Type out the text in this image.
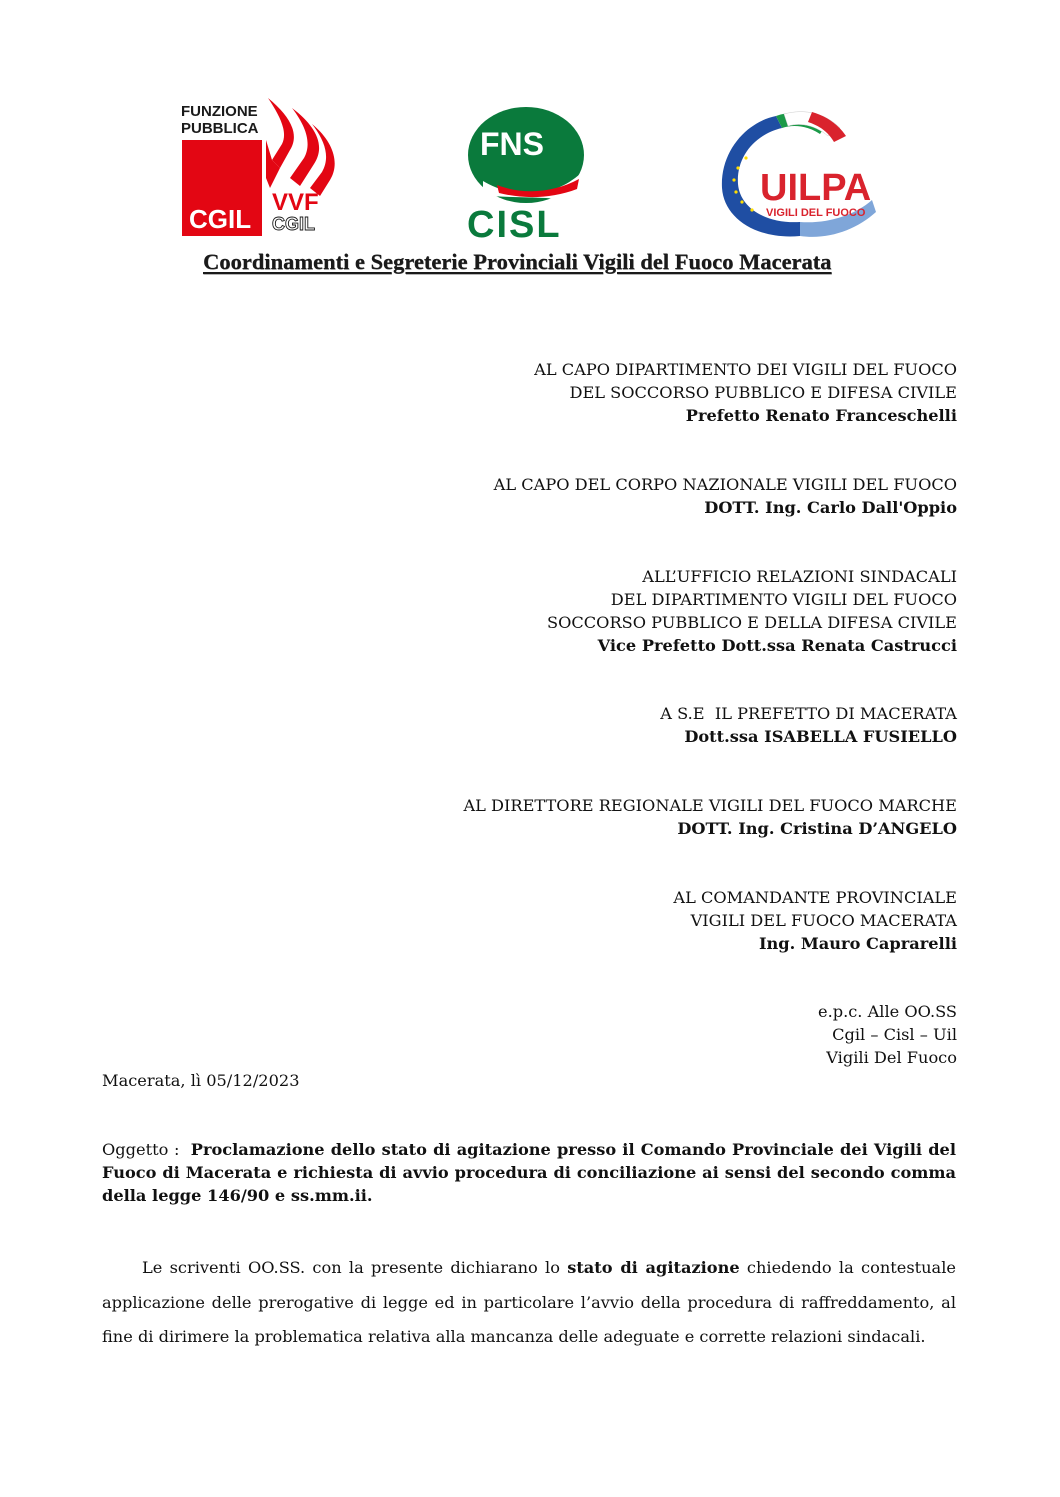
FUNZIONE
PUBBLICA
CGIL
VVF
CGIL
FNS
CISL
UILPA
VIGILI DEL FUOCO
Coordinamenti e Segreterie Provinciali Vigili del Fuoco Macerata
AL CAPO DIPARTIMENTO DEI VIGILI DEL FUOCO
DEL SOCCORSO PUBBLICO E DIFESA CIVILE
Prefetto Renato Franceschelli
AL CAPO DEL CORPO NAZIONALE VIGILI DEL FUOCO
DOTT. Ing. Carlo Dall'Oppio
ALL’UFFICIO RELAZIONI SINDACALI
DEL DIPARTIMENTO VIGILI DEL FUOCO
SOCCORSO PUBBLICO E DELLA DIFESA CIVILE
Vice Prefetto Dott.ssa Renata Castrucci
A S.E  IL PREFETTO DI MACERATA
Dott.ssa ISABELLA FUSIELLO
AL DIRETTORE REGIONALE VIGILI DEL FUOCO MARCHE
DOTT. Ing. Cristina D’ANGELO
AL COMANDANTE PROVINCIALE
VIGILI DEL FUOCO MACERATA
Ing. Mauro Caprarelli
e.p.c. Alle OO.SS
Cgil – Cisl – Uil
Vigili Del Fuoco
Macerata, lì 05/12/2023
Oggetto : Proclamazione dello stato di agitazione presso il Comando Provinciale dei Vigili del Fuoco di Macerata e richiesta di avvio procedura di conciliazione ai sensi del secondo comma della legge 146/90 e ss.mm.ii.
Le scriventi OO.SS. con la presente dichiarano lo stato di agitazione chiedendo la contestuale applicazione delle prerogative di legge ed in particolare l’avvio della procedura di raffreddamento, al fine di dirimere la problematica relativa alla mancanza delle adeguate e corrette relazioni sindacali.
